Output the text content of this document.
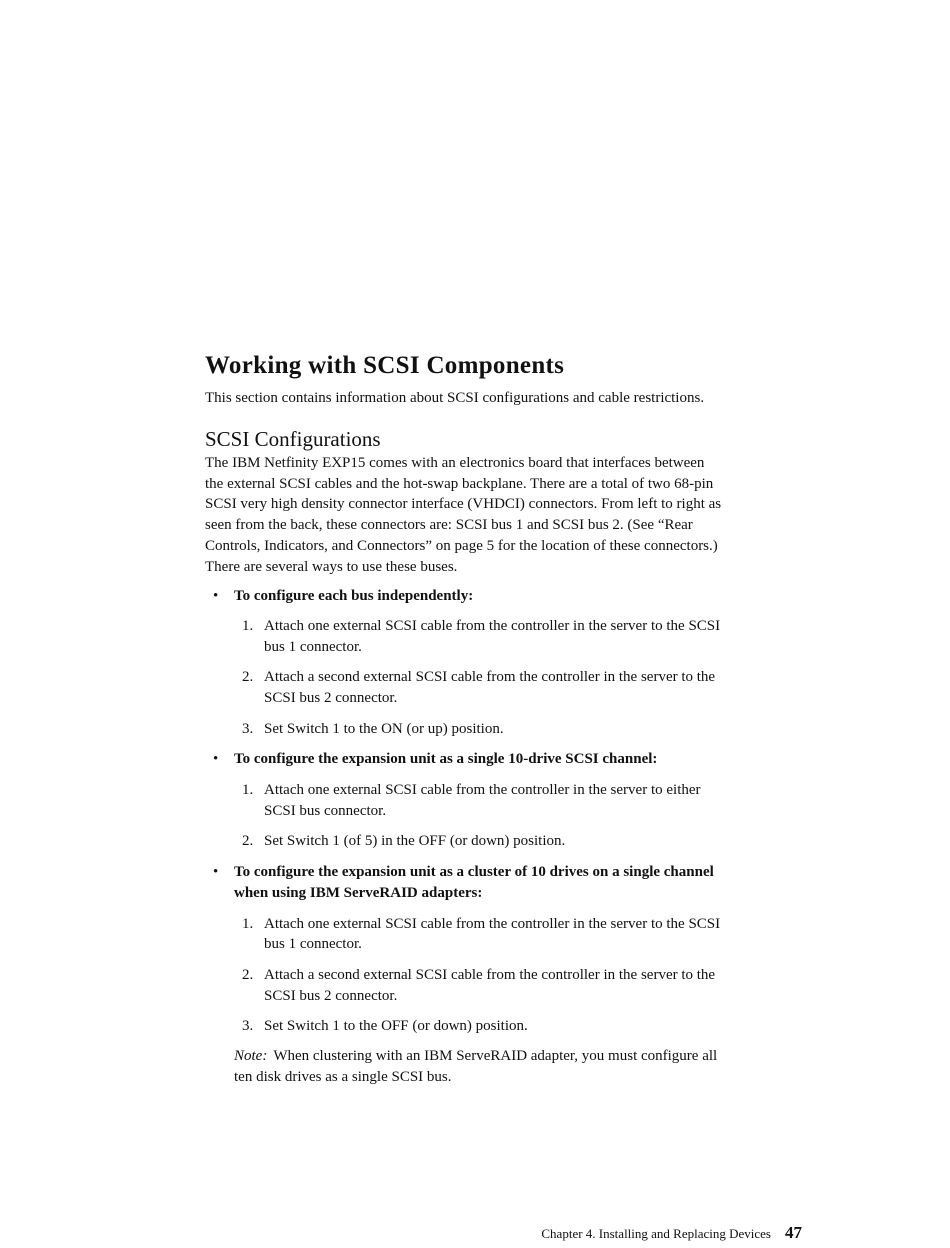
Working with SCSI Components

This section contains information about SCSI configurations and cable restrictions.

SCSI Configurations

The IBM Netfinity EXP15 comes with an electronics board that interfaces between the external SCSI cables and the hot-swap backplane. There are a total of two 68-pin SCSI very high density connector interface (VHDCI) connectors. From left to right as seen from the back, these connectors are: SCSI bus 1 and SCSI bus 2. (See “Rear Controls, Indicators, and Connectors” on page 5 for the location of these connectors.) There are several ways to use these buses.

• To configure each bus independently:
1. Attach one external SCSI cable from the controller in the server to the SCSI bus 1 connector.
2. Attach a second external SCSI cable from the controller in the server to the SCSI bus 2 connector.
3. Set Switch 1 to the ON (or up) position.
• To configure the expansion unit as a single 10-drive SCSI channel:
1. Attach one external SCSI cable from the controller in the server to either SCSI bus connector.
2. Set Switch 1 (of 5) in the OFF (or down) position.
• To configure the expansion unit as a cluster of 10 drives on a single channel when using IBM ServeRAID adapters:
1. Attach one external SCSI cable from the controller in the server to the SCSI bus 1 connector.
2. Attach a second external SCSI cable from the controller in the server to the SCSI bus 2 connector.
3. Set Switch 1 to the OFF (or down) position.

Note: When clustering with an IBM ServeRAID adapter, you must configure all ten disk drives as a single SCSI bus.

Chapter 4. Installing and Replacing Devices 47
